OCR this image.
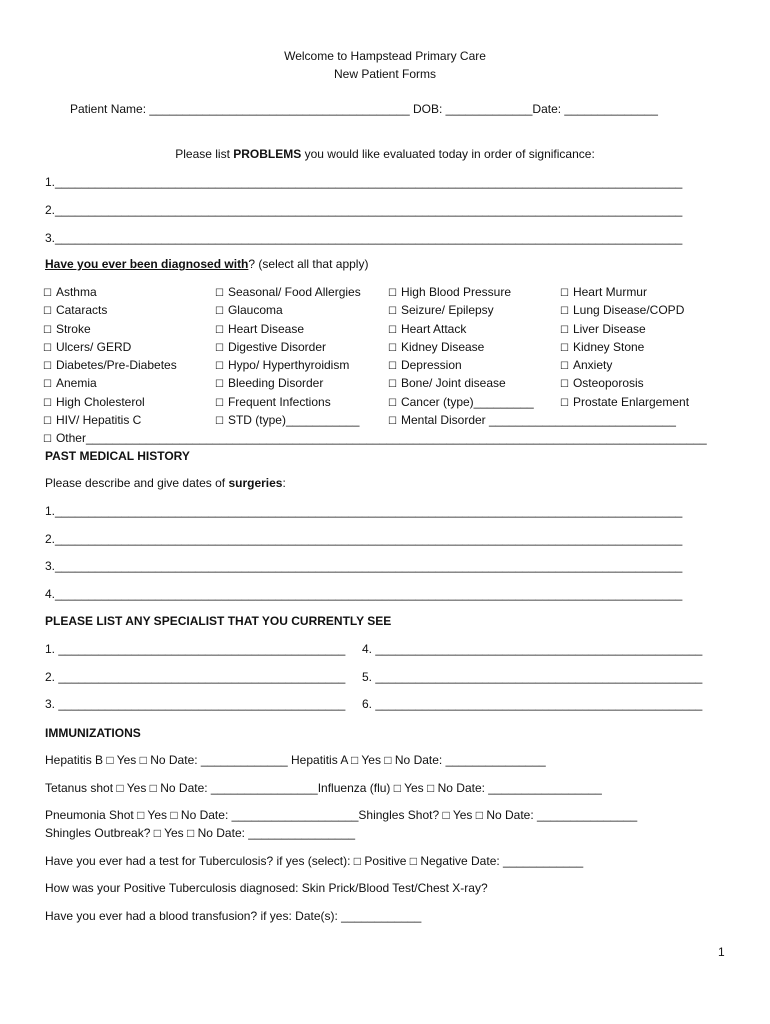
Welcome to Hampstead Primary Care
New Patient Forms
Patient Name: _______________________________________ DOB: _____________Date: ______________
Please list PROBLEMS you would like evaluated today in order of significance:
1.______________________________________________________________________________________________
2.______________________________________________________________________________________________
3.______________________________________________________________________________________________
Have you ever been diagnosed with? (select all that apply)
☐ Asthma
☐ Cataracts
☐ Stroke
☐ Ulcers/ GERD
☐ Diabetes/Pre-Diabetes
☐ Anemia
☐ High Cholesterol
☐ HIV/ Hepatitis C
☐ Seasonal/ Food Allergies
☐ Glaucoma
☐ Heart Disease
☐ Digestive Disorder
☐ Hypo/ Hyperthyroidism
☐ Bleeding Disorder
☐ Frequent Infections
☐ STD (type)___________
☐ High Blood Pressure
☐ Seizure/ Epilepsy
☐ Heart Attack
☐ Kidney Disease
☐ Depression
☐ Bone/ Joint disease
☐ Cancer (type)_________
☐ Mental Disorder ____________________________
☐ Heart Murmur
☐ Lung Disease/COPD
☐ Liver Disease
☐ Kidney Stone
☐ Anxiety
☐ Osteoporosis
☐ Prostate Enlargement
☐ Other_____________________________________________________________________________________________
PAST MEDICAL HISTORY
Please describe and give dates of surgeries:
1.______________________________________________________________________________________________
2.______________________________________________________________________________________________
3.______________________________________________________________________________________________
4.______________________________________________________________________________________________
PLEASE LIST ANY SPECIALIST THAT YOU CURRENTLY SEE
1. ___________________________________________
2. ___________________________________________
3. ___________________________________________
4. _________________________________________________
5. _________________________________________________
6. _________________________________________________
IMMUNIZATIONS
Hepatitis B □ Yes □ No Date: _____________ Hepatitis A □ Yes □ No Date: _______________
Tetanus shot □ Yes □ No Date: ________________Influenza (flu) □ Yes □ No Date: _________________
Pneumonia Shot □ Yes □ No Date: ___________________Shingles Shot? □ Yes □ No Date: _______________
Shingles Outbreak? □ Yes □ No Date: ________________
Have you ever had a test for Tuberculosis? if yes (select): □ Positive □ Negative Date: ____________
How was your Positive Tuberculosis diagnosed: Skin Prick/Blood Test/Chest X-ray?
Have you ever had a blood transfusion? if yes: Date(s): ____________
1
